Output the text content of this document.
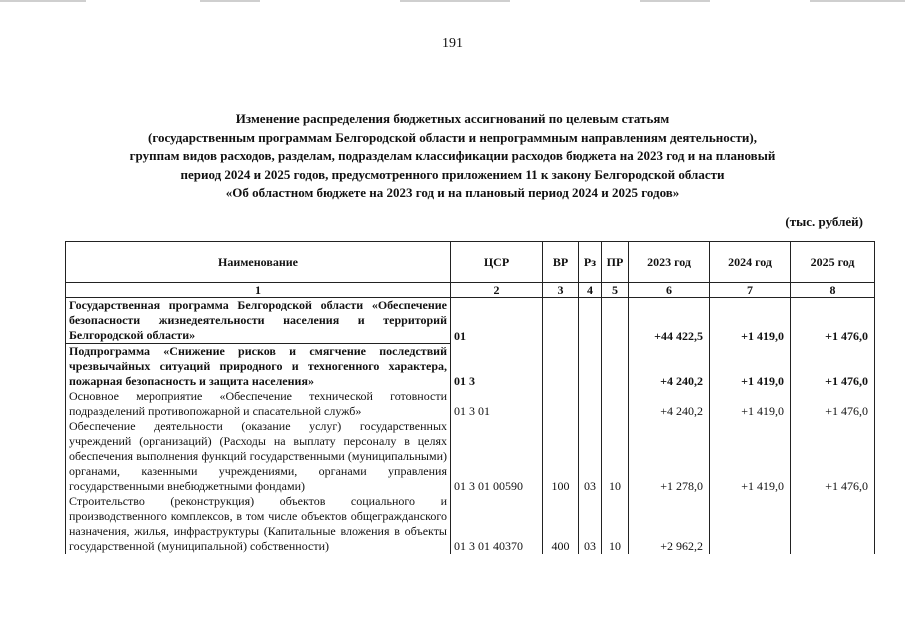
191
Изменение распределения бюджетных ассигнований по целевым статьям
(государственным программам Белгородской области и непрограммным направлениям деятельности),
группам видов расходов, разделам, подразделам классификации расходов бюджета на 2023 год и на плановый
период 2024 и 2025 годов, предусмотренного приложением 11 к закону Белгородской области
«Об областном бюджете на 2023 год и на плановый период 2024 и 2025 годов»
(тыс. рублей)
Наименование	ЦСР	ВР	Рз	ПР	2023 год	2024 год	2025 год
1	2	3	4	5	6	7	8

Государственная программа Белгородской области «Обеспечение безопасности жизнедеятельности населения и территорий Белгородской области»	01				+44 422,5	+1 419,0	+1 476,0

Подпрограмма «Снижение рисков и смягчение последствий чрезвычайных ситуаций природного и техногенного характера, пожарная безопасность и защита населения»	01 3				+4 240,2	+1 419,0	+1 476,0

Основное мероприятие «Обеспечение технической готовности подразделений противопожарной и спасательной служб»	01 3 01				+4 240,2	+1 419,0	+1 476,0

Обеспечение деятельности (оказание услуг) государственных учреждений (организаций) (Расходы на выплату персоналу в целях обеспечения выполнения функций государственными (муниципальными) органами, казенными учреждениями, органами управления государственными внебюджетными фондами)	01 3 01 00590	100	03	10	+1 278,0	+1 419,0	+1 476,0

Строительство (реконструкция) объектов социального и производственного комплексов, в том числе объектов общегражданского назначения, жилья, инфраструктуры (Капитальные вложения в объекты государственной (муниципальной) собственности)	01 3 01 40370	400	03	10	+2 962,2		
